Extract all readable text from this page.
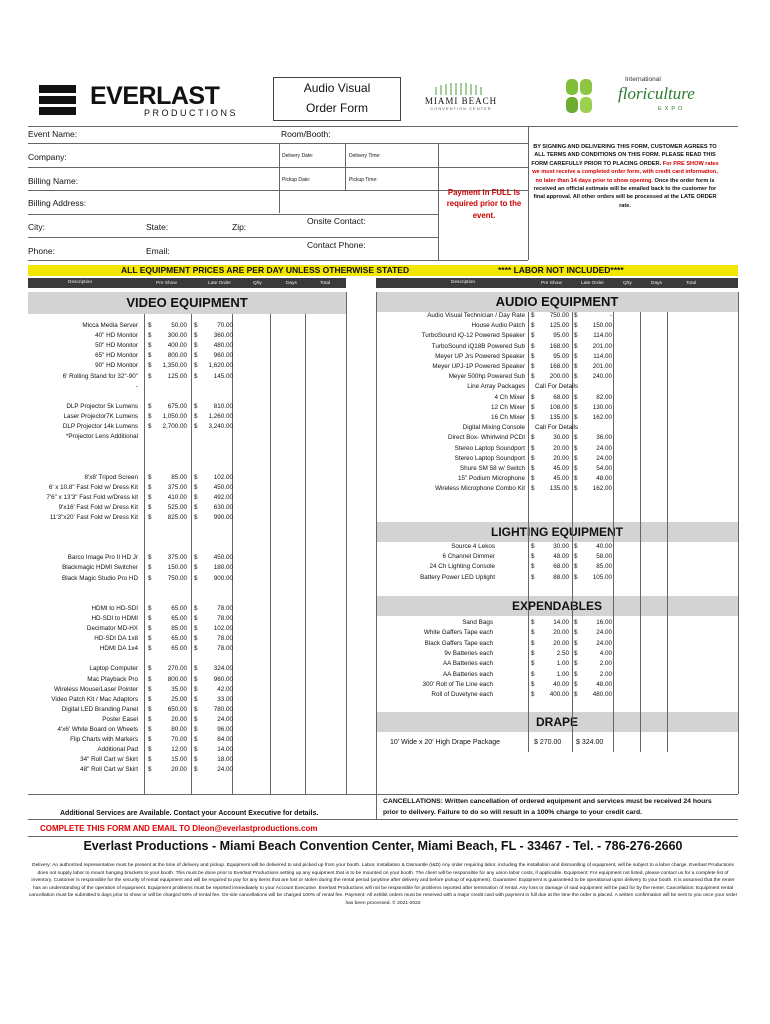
EVERLAST
PRODUCTIONS
Audio Visual
Order Form	MIAMI BEACH
CONVENTION CENTER
International
floriculture
EXPO
Event Name:	Room/Booth:
Company:	Delivery Date:	Delivery Time:
Billing Name:	Pickup Date:	Pickup Time:
Billing Address:
City:	State:	Zip:
Onsite Contact:
Phone:	Email:
Contact Phone:
Payment in FULL is required prior to the event.
BY SIGNING AND DELIVERING THIS FORM, CUSTOMER AGREES TO ALL TERMS AND CONDITIONS ON THIS FORM. PLEASE READ THIS FORM CAREFULLY PRIOR TO PLACING ORDER. For PRE SHOW rates we must receive a completed order form, with credit card information, no later than 14 days prior to show opening. Once the order form is received an official estimate will be emailed back to the customer for final approval. All other orders will be processed at the LATE ORDER rate.
ALL EQUIPMENT PRICES ARE PER DAY UNLESS OTHERWISE STATED	**** LABOR NOT INCLUDED****
Description	Pre Show	Late Order	Q/ty	Days	Total	Description	Pre Show	Late Order	Q/ty	Days	Total
VIDEO EQUIPMENT	AUDIO EQUIPMENT
LIGHTING EQUIPMENT
EXPENDABLES
DRAPE
Micca Media Server $	50.00 $	70.00
40" HD Monitor $	300.00 $	360.00
50" HD Monitor $	400.00 $	480.00
65" HD Monitor $	800.00 $	960.00
90" HD Monitor $	1,350.00 $	1,620.00
6' Rolling Stand for 32"-90" $	125.00 $	145.00
-
DLP Projector 5k Lumens $	675.00 $	810.00
Laser Projector7K Lumens $	1,050.00 $	1,260.00
DLP Projector 14k Lumens $	2,700.00 $	3,240.00
*Projector Lens Additional
8'x8' Tripod Screen $	85.00 $	102.00
6' x 10.8" Fast Fold w/ Dress Kit $	375.00 $	450.00
7'6" x 13'3" Fast Fold w/Dress kit $	410.00 $	492.00
9'x16' Fast Fold w/ Dress Kit $	525.00 $	630.00
11'3"x20' Fast Fold w/ Dress Kit $	825.00 $	990.00
Barco Image Pro II HD Jr $	375.00 $	450.00
Blackmagic HDMI Switcher $	150.00 $	180.00
Black Magic Studio Pro HD $	750.00 $	900.00
HDMI to HD-SDI $	65.00 $	78.00
HD-SDI to HDMI $	65.00 $	78.00
Decimator MD-HX $	85.00 $	102.00
HD-SDI DA 1x8 $	65.00 $	78.00
HDMI DA 1x4 $	65.00 $	78.00
Laptop Computer $	270.00 $	324.00
Mac Playback Pro $	800.00 $	960.00
Wireless Mouse/Laser Pointer $	35.00 $	42.00
Video Patch Kit / Mac Adaptors $	25.00 $	33.00
Digital LED Branding Panel $	650.00 $	780.00
Poster Easel $	20.00 $	24.00
4'x6' White Board on Wheels $	80.00 $	96.00
Flip Charts with Markers $	70.00 $	84.00
Additional Pad $	12.00 $	14.00
34" Roll Cart w/ Skirt $	15.00 $	18.00
48" Roll Cart w/ Skirt $	20.00 $	24.00
Audio Visual Technician / Day Rate $	750.00 $	-
House Audio Patch $	125.00 $	150.00
TurboSound iQ-12 Powered Speaker $	95.00 $	114.00
TurboSound iQ18B Powered Sub $	168.00 $	201.00
Meyer UP Jrs Powered Speaker $	95.00 $	114.00
Meyer UPJ-1P Powered Speaker $	168.00 $	201.00
Meyer 500hp Powered Sub $	200.00 $	240.00
Line Array Packages Call For Details
4 Ch Mixer $	68.00 $	82.00
12 Ch Mixer $	108.00 $	130.00
16 Ch Mixer $	135.00 $	162.00
Digital Mixing Console Call For Details
Direct Box- Whirlwind PCDI $	30.00 $	36.00
Stereo Laptop Soundport $	20.00 $	24.00
Stereo Laptop Soundport $	20.00 $	24.00
Shure SM 58 w/ Switch $	45.00 $	54.00
15" Podium Microphone $	45.00 $	48.00
Wireless Microphone Combo Kit $	135.00 $	162.00
Source 4 Lekos	$	30.00 $	40.00
6 Channel Dimmer	$	48.00 $	58.00
24 Ch Lighting Console	$	68.00 $	85.00
Battery Power LED Uplight	$	88.00 $	105.00
Sand Bags	$	14.00 $	16.00
White Gaffers Tape each	$	20.00 $	24.00
Black Gaffers Tape each	$	20.00 $	24.00
9v Batteries each	$	2.50 $	4.00
AA Batteries each	$	1.00 $	2.00
AA Batteries each	$	1.00 $	2.00
300' Roll of Tie Line each	$	40.00 $	48.00
Roll of Duvetyne each	$	400.00 $	480.00
10' Wide x 20' High Drape Package	$ 270.00 $ 324.00
Additional Services are Available. Contact your Account Executive for details.
CANCELLATIONS: Written cancellation of ordered equipment and services must be received 24 hours prior to delivery. Failure to do so will result in a 100% charge to your credit card.
COMPLETE THIS FORM AND EMAIL TO Dleon@everlastproductions.com
Everlast Productions - Miami Beach Convention Center, Miami Beach, FL - 33467 - Tel. - 786-276-2660
Delivery: An authorized representative must be present at the time of delivery and pickup. Equipment will be delivered to and picked up from your booth. Labor, Installation & Dismantle (I&D) Any order requiring labor, including the installation and dismantling of equipment, will be subject to a labor charge. Everlast Productions does not supply labor to mount hanging brackets to your booth. This must be done prior to Everlast Productions setting up any equipment that is to be mounted on your booth. The client will be responsible for any union labor costs, if applicable. Equipment: For equipment not listed, please contact us for a complete list of inventory. Customer is responsible for the security of rental equipment and will be required to pay for any items that are lost or stolen during the rental period (anytime after delivery and before pickup of equipment). Guarantee: Equipment is guaranteed to be operational upon delivery to your booth. It is assumed that the renter has an understanding of the operation of equipment. Equipment problems must be reported immediately to your Account Executive. Everlast Productions will not be responsible for problems reported after termination of rental. Any loss or damage of said equipment will be paid for by the renter. Cancellation: Equipment rental cancellation must be submitted 5 days prior to show or will be charged 50% of rental fee. On-site cancellations will be charged 100% of rental fee. Payment: All exhibit orders must be reserved with a major credit card with payment in full due at the time the order is placed. A written confirmation will be sent to you once your order has been processed. © 2021-2022
